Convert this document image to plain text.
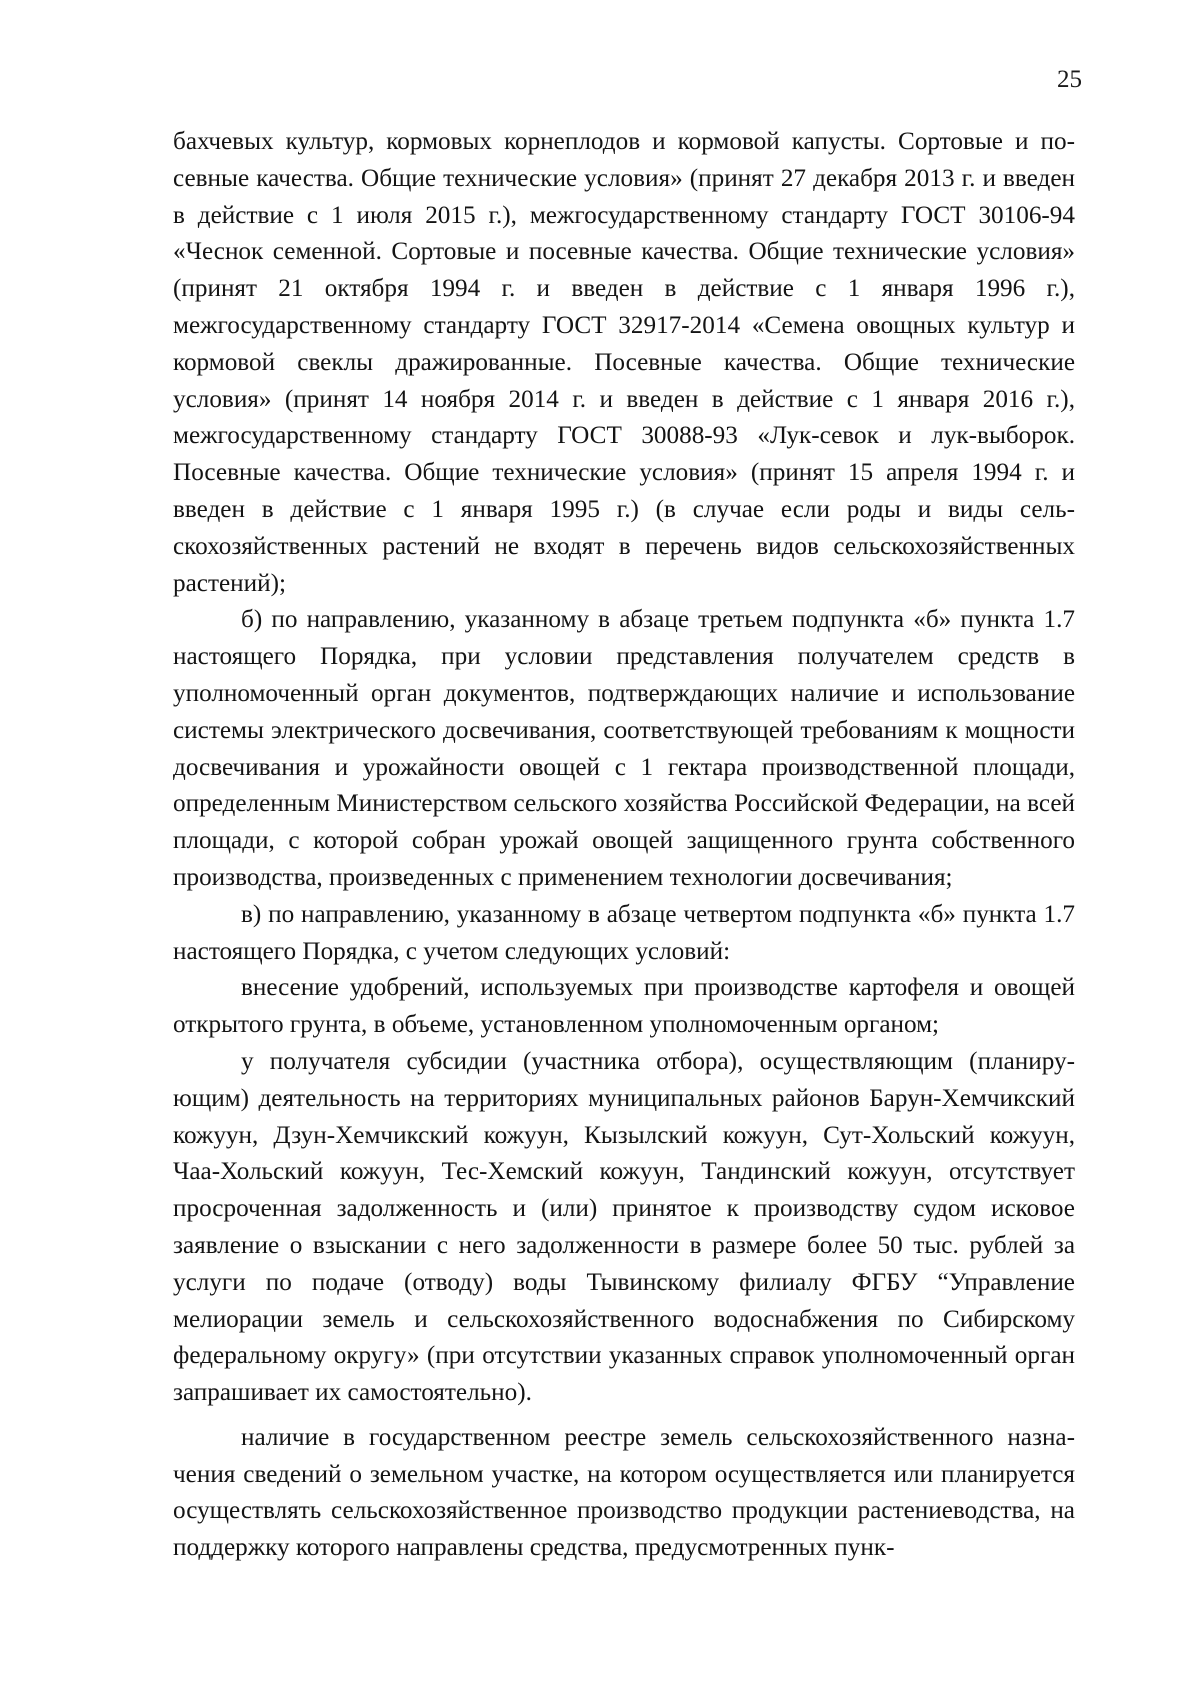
25

бахчевых культур, кормовых корнеплодов и кормовой капусты. Сортовые и посевные качества. Общие технические условия» (принят 27 декабря 2013 г. и введен в действие с 1 июля 2015 г.), межгосударственному стандарту ГОСТ 30106-94 «Чеснок семенной. Сортовые и посевные качества. Общие технические условия» (принят 21 октября 1994 г. и введен в действие с 1 января 1996 г.), межгосударственному стандарту ГОСТ 32917-2014 «Семена овощных культур и кормовой свеклы дражированные. Посевные качества. Общие технические условия» (принят 14 ноября 2014 г. и введен в действие с 1 января 2016 г.), межгосударственному стандарту ГОСТ 30088-93 «Лук-севок и лук-выборок. Посевные качества. Общие технические условия» (принят 15 апреля 1994 г. и введен в действие с 1 января 1995 г.) (в случае если роды и виды сельскохозяйственных растений не входят в перечень видов сельскохозяйственных растений);

б) по направлению, указанному в абзаце третьем подпункта «б» пункта 1.7 настоящего Порядка, при условии представления получателем средств в уполномоченный орган документов, подтверждающих наличие и использование системы электрического досвечивания, соответствующей требованиям к мощности досвечивания и урожайности овощей с 1 гектара производственной площади, определенным Министерством сельского хозяйства Российской Федерации, на всей площади, с которой собран урожай овощей защищенного грунта собственного производства, произведенных с применением технологии досвечивания;

в) по направлению, указанному в абзаце четвертом подпункта «б» пункта 1.7 настоящего Порядка, с учетом следующих условий:

внесение удобрений, используемых при производстве картофеля и овощей открытого грунта, в объеме, установленном уполномоченным органом;

у получателя субсидии (участника отбора), осуществляющим (планирующим) деятельность на территориях муниципальных районов Барун-Хемчикский кожуун, Дзун-Хемчикский кожуун, Кызылский кожуун, Сут-Хольский кожуун, Чаа-Хольский кожуун, Тес-Хемский кожуун, Тандинский кожуун, отсутствует просроченная задолженность и (или) принятое к производству судом исковое заявление о взыскании с него задолженности в размере более 50 тыс. рублей за услуги по подаче (отводу) воды Тывинскому филиалу ФГБУ “Управление мелиорации земель и сельскохозяйственного водоснабжения по Сибирскому федеральному округу» (при отсутствии указанных справок уполномоченный орган запрашивает их самостоятельно).

наличие в государственном реестре земель сельскохозяйственного назначения сведений о земельном участке, на котором осуществляется или планируется осуществлять сельскохозяйственное производство продукции растениеводства, на поддержку которого направлены средства, предусмотренных пунк-
